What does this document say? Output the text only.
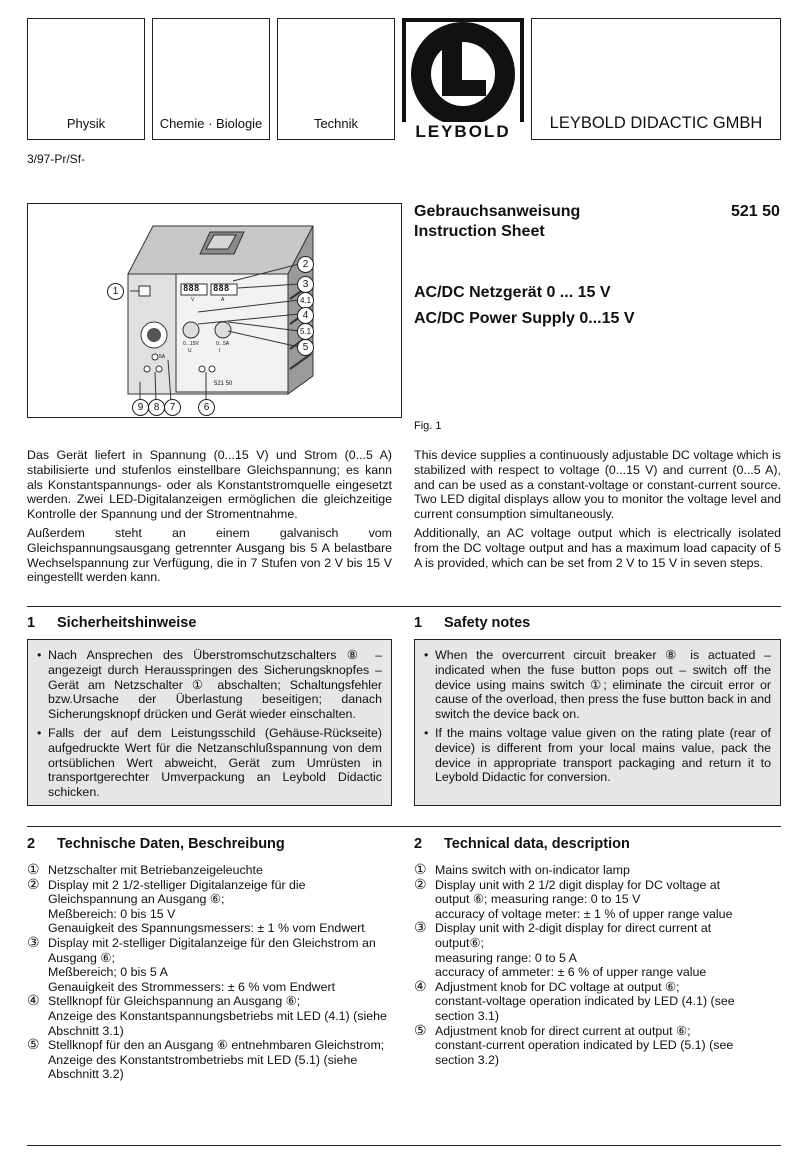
Physik	Chemie · Biologie	Technik	LEYBOLD	LEYBOLD DIDACTIC GMBH
3/97-Pr/Sf-
888 888
V	A
0...15V
U
0...5A
I
5A
521 50
1
2
3
4.1
4
5.1
5
9	8	7	6
Gebrauchsanweisung	521 50
Instruction Sheet
AC/DC Netzgerät 0 ... 15 V
AC/DC Power Supply 0...15 V
Fig. 1

Das Gerät liefert in Spannung (0...15 V) und Strom (0...5 A) stabilisierte und stufenlos einstellbare Gleichspannung; es kann als Konstantspannungs- oder als Konstantstromquelle eingesetzt werden. Zwei LED-Digitalanzeigen ermöglichen die gleichzeitige Kontrolle der Spannung und der Stromentnahme.

Außerdem steht an einem galvanisch vom Gleichspannungsausgang getrennter Ausgang bis 5 A belastbare Wechselspannung zur Verfügung, die in 7 Stufen von 2 V bis 15 V eingestellt werden kann.

This device supplies a continuously adjustable DC voltage which is stabilized with respect to voltage (0...15 V) and current (0...5 A), and can be used as a constant-voltage or constant-current source. Two LED digital displays allow you to monitor the voltage level and current consumption simultaneously.

Additionally, an AC voltage output which is electrically isolated from the DC voltage output and has a maximum load capacity of 5 A is provided, which can be set from 2 V to 15 V in seven steps.

1 Sicherheitshinweise	1 Safety notes
• Nach Ansprechen des Überstromschutzschalters ⑧ – angezeigt durch Herausspringen des Sicherungsknopfes – Gerät am Netzschalter ① abschalten; Schaltungsfehler bzw.Ursache der Überlastung beseitigen; danach Sicherungsknopf drücken und Gerät wieder einschalten.
• Falls der auf dem Leistungsschild (Gehäuse-Rückseite) aufgedruckte Wert für die Netzanschlußspannung von dem ortsüblichen Wert abweicht, Gerät zum Umrüsten in transportgerechter Umverpackung an Leybold Didactic schicken.
• When the overcurrent circuit breaker ⑧ is actuated – indicated when the fuse button pops out – switch off the device using mains switch ①; eliminate the circuit error or cause of the overload, then press the fuse button back in and switch the device back on.
• If the mains voltage value given on the rating plate (rear of device) is different from your local mains value, pack the device in appropriate transport packaging and return it to Leybold Didactic for conversion.
2 Technische Daten, Beschreibung	2 Technical data, description
① Netzschalter mit Betriebanzeigeleuchte
② Display mit 2 1/2-stelliger Digitalanzeige für die Gleichspannung an Ausgang ⑥;
Meßbereich: 0 bis 15 V
Genauigkeit des Spannungsmessers: ± 1 % vom Endwert
③ Display mit 2-stelliger Digitalanzeige für den Gleichstrom an Ausgang ⑥;
Meßbereich; 0 bis 5 A
Genauigkeit des Strommessers: ± 6 % vom Endwert
④ Stellknopf für Gleichspannung an Ausgang ⑥;
Anzeige des Konstantspannungsbetriebs mit LED (4.1) (siehe Abschnitt 3.1)
⑤ Stellknopf für den an Ausgang ⑥ entnehmbaren Gleichstrom;
Anzeige des Konstantstrombetriebs mit LED (5.1) (siehe Abschnitt 3.2)
① Mains switch with on-indicator lamp
② Display unit with 2 1/2 digit display for DC voltage at output ⑥; measuring range: 0 to 15 V
accuracy of voltage meter: ± 1 % of upper range value
③ Display unit with 2-digit display for direct current at output⑥;
measuring range: 0 to 5 A
accuracy of ammeter: ± 6 % of upper range value
④ Adjustment knob for DC voltage at output ⑥;
constant-voltage operation indicated by LED (4.1) (see section 3.1)
⑤ Adjustment knob for direct current at output ⑥;
constant-current operation indicated by LED (5.1) (see section 3.2)
